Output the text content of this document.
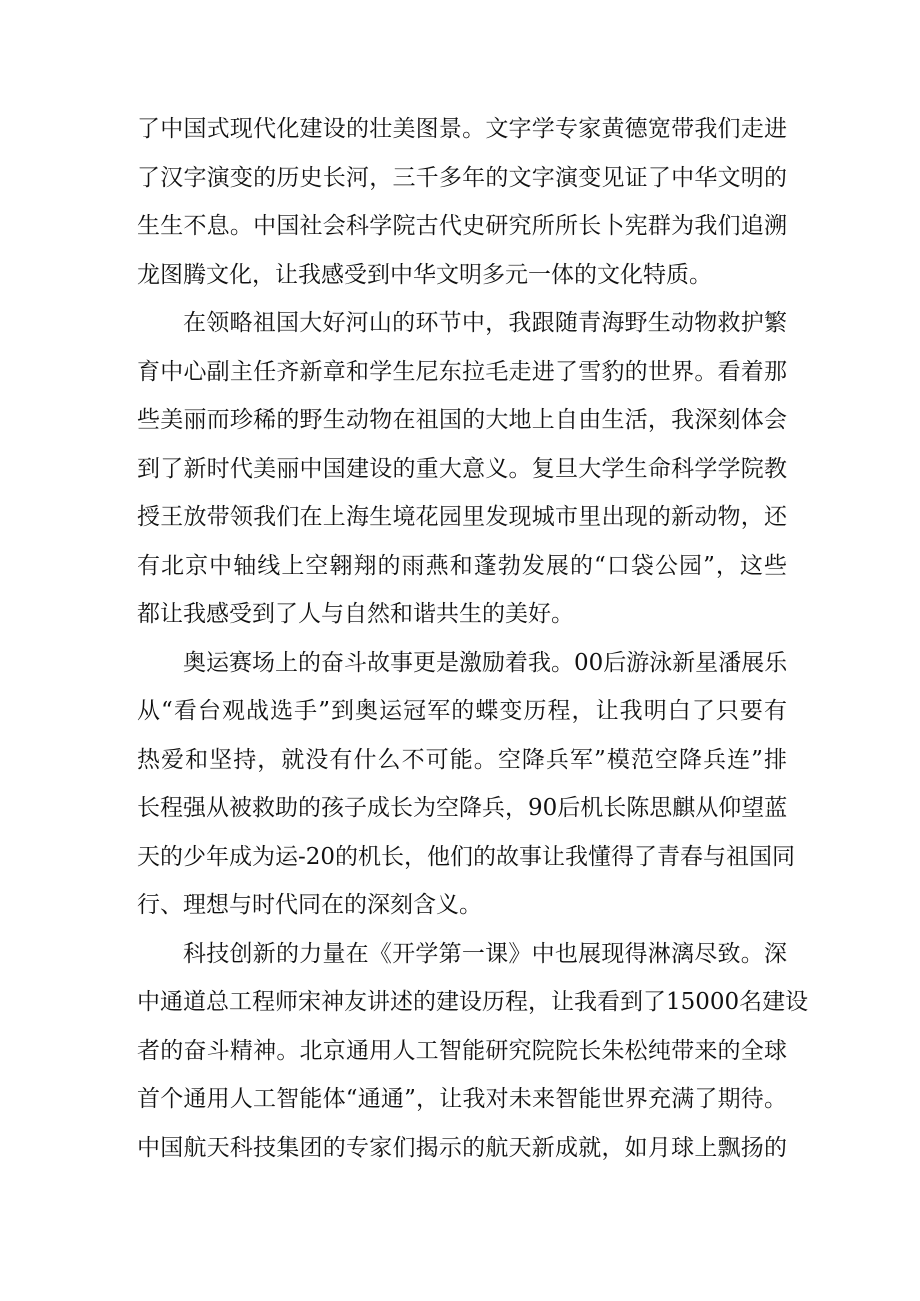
了中国式现代化建设的壮美图景。文字学专家黄德宽带我们走进
了汉字演变的历史长河，三千多年的文字演变见证了中华文明的
生生不息。中国社会科学院古代史研究所所长卜宪群为我们追溯
龙图腾文化，让我感受到中华文明多元一体的文化特质。
在领略祖国大好河山的环节中，我跟随青海野生动物救护繁
育中心副主任齐新章和学生尼东拉毛走进了雪豹的世界。看着那
些美丽而珍稀的野生动物在祖国的大地上自由生活，我深刻体会
到了新时代美丽中国建设的重大意义。复旦大学生命科学学院教
授王放带领我们在上海生境花园里发现城市里出现的新动物，还
有北京中轴线上空翱翔的雨燕和蓬勃发展的“口袋公园”，这些
都让我感受到了人与自然和谐共生的美好。
奥运赛场上的奋斗故事更是激励着我。00后游泳新星潘展乐
从“看台观战选手”到奥运冠军的蝶变历程，让我明白了只要有
热爱和坚持，就没有什么不可能。空降兵军”模范空降兵连”排
长程强从被救助的孩子成长为空降兵，90后机长陈思麒从仰望蓝
天的少年成为运-20的机长，他们的故事让我懂得了青春与祖国同
行、理想与时代同在的深刻含义。
科技创新的力量在《开学第一课》中也展现得淋漓尽致。深
中通道总工程师宋神友讲述的建设历程，让我看到了15000名建设
者的奋斗精神。北京通用人工智能研究院院长朱松纯带来的全球
首个通用人工智能体“通通”，让我对未来智能世界充满了期待。
中国航天科技集团的专家们揭示的航天新成就，如月球上飘扬的
